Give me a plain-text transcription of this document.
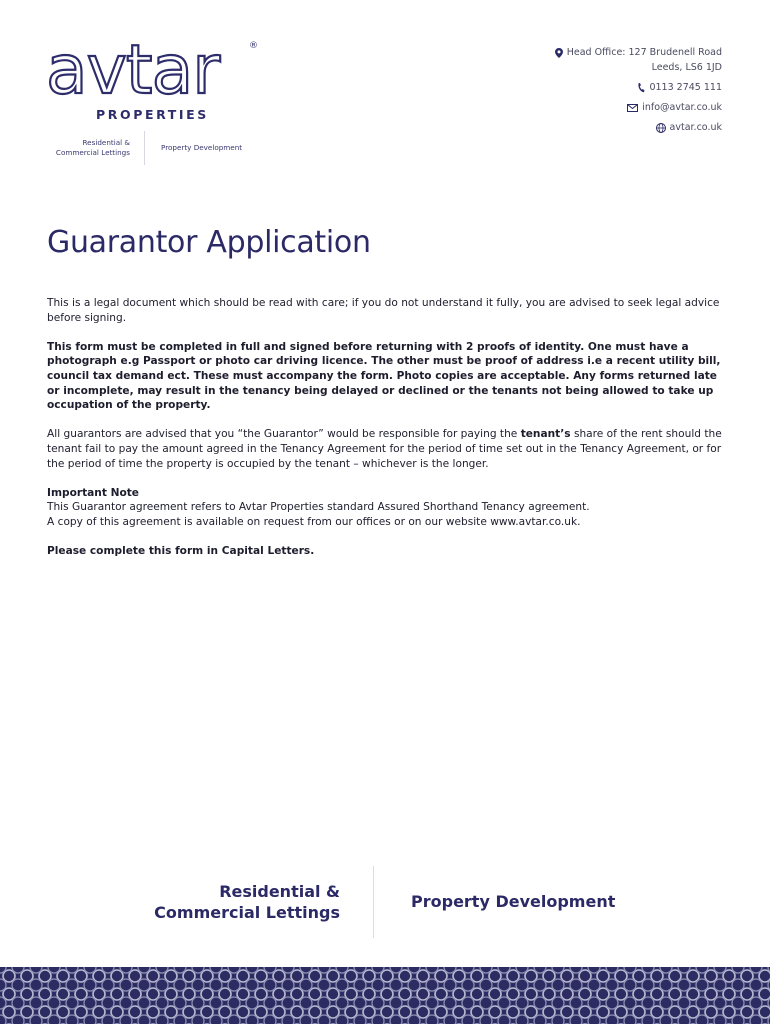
avtar	®
PROPERTIES
Residential & Commercial Lettings	Property Development
Head Office: 127 Brudenell Road
Leeds, LS6 1JD
0113 2745 111
info@avtar.co.uk
avtar.co.uk
Guarantor Application

This is a legal document which should be read with care; if you do not understand it fully, you are advised to seek legal advice before signing.

This form must be completed in full and signed before returning with 2 proofs of identity. One must have a photograph e.g Passport or photo car driving licence. The other must be proof of address i.e a recent utility bill, council tax demand ect. These must accompany the form. Photo copies are acceptable. Any forms returned late or incomplete, may result in the tenancy being delayed or declined or the tenants not being allowed to take up occupation of the property.

All guarantors are advised that you “the Guarantor” would be responsible for paying the tenant’s share of the rent should the tenant fail to pay the amount agreed in the Tenancy Agreement for the period of time set out in the Tenancy Agreement, or for the period of time the property is occupied by the tenant – whichever is the longer.

Important Note
This Guarantor agreement refers to Avtar Properties standard Assured Shorthand Tenancy agreement.
A copy of this agreement is available on request from our offices or on our website www.avtar.co.uk.

Please complete this form in Capital Letters.

Residential &
Commercial Lettings
Property Development
